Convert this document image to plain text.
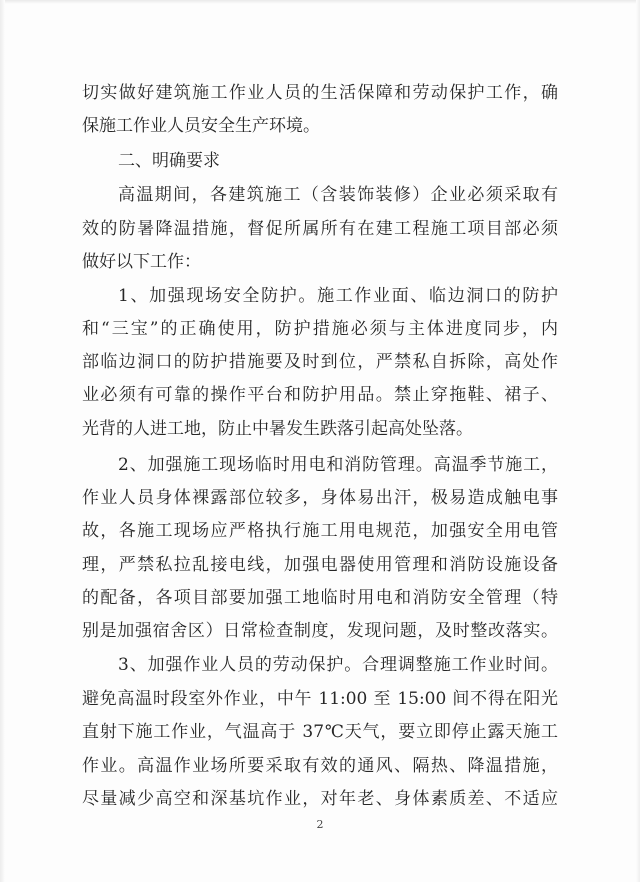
切实做好建筑施工作业人员的生活保障和劳动保护工作，确
保施工作业人员安全生产环境。
二、明确要求
高温期间，各建筑施工（含装饰装修）企业必须采取有
效的防暑降温措施，督促所属所有在建工程施工项目部必须
做好以下工作：
1、加强现场安全防护。施工作业面、临边洞口的防护
和“三宝”的正确使用，防护措施必须与主体进度同步，内
部临边洞口的防护措施要及时到位，严禁私自拆除，高处作
业必须有可靠的操作平台和防护用品。禁止穿拖鞋、裙子、
光背的人进工地，防止中暑发生跌落引起高处坠落。
2、加强施工现场临时用电和消防管理。高温季节施工，
作业人员身体裸露部位较多，身体易出汗，极易造成触电事
故，各施工现场应严格执行施工用电规范，加强安全用电管
理，严禁私拉乱接电线，加强电器使用管理和消防设施设备
的配备，各项目部要加强工地临时用电和消防安全管理（特
别是加强宿舍区）日常检查制度，发现问题，及时整改落实。
3、加强作业人员的劳动保护。合理调整施工作业时间。
避免高温时段室外作业，中午 11:00 至 15:00 间不得在阳光
直射下施工作业，气温高于 37℃天气，要立即停止露天施工
作业。高温作业场所要采取有效的通风、隔热、降温措施，
尽量减少高空和深基坑作业，对年老、身体素质差、不适应
2
